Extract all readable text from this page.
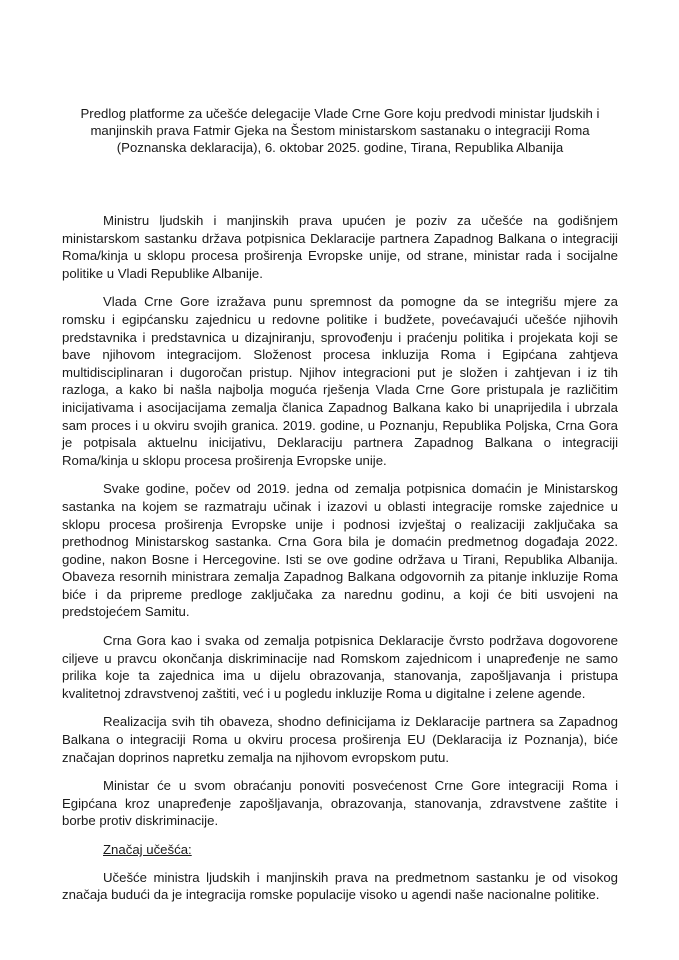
Predlog platforme za učešće delegacije Vlade Crne Gore koju predvodi ministar ljudskih i manjinskih prava Fatmir Gjeka na Šestom ministarskom sastanaku o integraciji Roma (Poznanska deklaracija), 6. oktobar 2025. godine, Tirana, Republika Albanija

Ministru ljudskih i manjinskih prava upućen je poziv za učešće na godišnjem ministarskom sastanku država potpisnica Deklaracije partnera Zapadnog Balkana o integraciji Roma/kinja u sklopu procesa proširenja Evropske unije, od strane, ministar rada i socijalne politike u Vladi Republike Albanije.

Vlada Crne Gore izražava punu spremnost da pomogne da se integrišu mjere za romsku i egipćansku zajednicu u redovne politike i budžete, povećavajući učešće njihovih predstavnika i predstavnica u dizajniranju, sprovođenju i praćenju politika i projekata koji se bave njihovom integracijom. Složenost procesa inkluzija Roma i Egipćana zahtjeva multidisciplinaran i dugoročan pristup. Njihov integracioni put je složen i zahtjevan i iz tih razloga, a kako bi našla najbolja moguća rješenja Vlada Crne Gore pristupala je različitim inicijativama i asocijacijama zemalja članica Zapadnog Balkana kako bi unaprijedila i ubrzala sam proces i u okviru svojih granica. 2019. godine, u Poznanju, Republika Poljska, Crna Gora je potpisala aktuelnu inicijativu, Deklaraciju partnera Zapadnog Balkana o integraciji Roma/kinja u sklopu procesa proširenja Evropske unije.

Svake godine, počev od 2019. jedna od zemalja potpisnica domaćin je Ministarskog sastanka na kojem se razmatraju učinak i izazovi u oblasti integracije romske zajednice u sklopu procesa proširenja Evropske unije i podnosi izvještaj o realizaciji zaključaka sa prethodnog Ministarskog sastanka. Crna Gora bila je domaćin predmetnog događaja 2022. godine, nakon Bosne i Hercegovine. Isti se ove godine održava u Tirani, Republika Albanija. Obaveza resornih ministrara zemalja Zapadnog Balkana odgovornih za pitanje inkluzije Roma biće i da pripreme predloge zaključaka za narednu godinu, a koji će biti usvojeni na predstojećem Samitu.

Crna Gora kao i svaka od zemalja potpisnica Deklaracije čvrsto podržava dogovorene ciljeve u pravcu okončanja diskriminacije nad Romskom zajednicom i unapređenje ne samo prilika koje ta zajednica ima u dijelu obrazovanja, stanovanja, zapošljavanja i pristupa kvalitetnoj zdravstvenoj zaštiti, već i u pogledu inkluzije Roma u digitalne i zelene agende.

Realizacija svih tih obaveza, shodno definicijama iz Deklaracije partnera sa Zapadnog Balkana o integraciji Roma u okviru procesa proširenja EU (Deklaracija iz Poznanja), biće značajan doprinos napretku zemalja na njihovom evropskom putu.

Ministar će u svom obraćanju ponoviti posvećenost Crne Gore integraciji Roma i Egipćana kroz unapređenje zapošljavanja, obrazovanja, stanovanja, zdravstvene zaštite i borbe protiv diskriminacije.

Značaj učešća:

Učešće ministra ljudskih i manjinskih prava na predmetnom sastanku je od visokog značaja budući da je integracija romske populacije visoko u agendi naše nacionalne politike.
